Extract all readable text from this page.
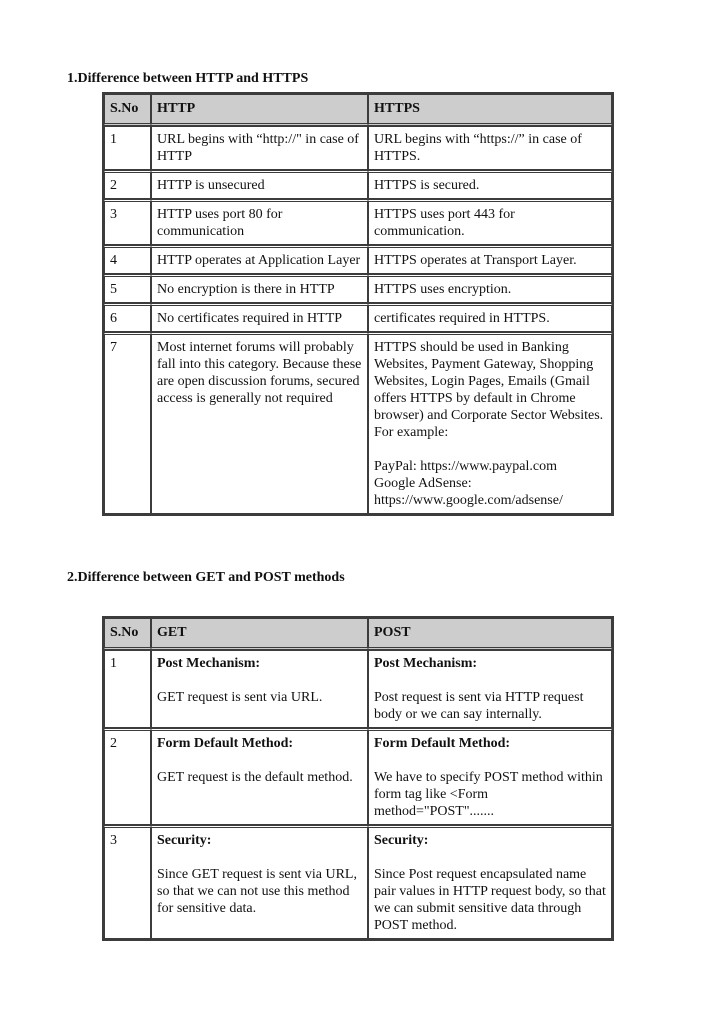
1.Difference between HTTP and HTTPS

S.No	HTTP	HTTPS
1	URL begins with “http://" in case of HTTP	URL begins with “https://” in case of HTTPS.
2	HTTP is unsecured	HTTPS is secured.
3	HTTP uses port 80 for communication	HTTPS uses port 443 for communication.
4	HTTP operates at Application Layer	HTTPS operates at Transport Layer.
5	No encryption is there in HTTP	HTTPS uses encryption.
6	No certificates required in HTTP	certificates required in HTTPS.
7	Most internet forums will probably fall into this category. Because these are open discussion forums, secured access is generally not required	HTTPS should be used in Banking Websites, Payment Gateway, Shopping Websites, Login Pages, Emails (Gmail offers HTTPS by default in Chrome browser) and Corporate Sector Websites. For example:
PayPal: https://www.paypal.com
Google AdSense:
https://www.google.com/adsense/

2.Difference between GET and POST methods

S.No	GET	POST
1	Post Mechanism:
GET request is sent via URL.	Post Mechanism:
Post request is sent via HTTP request body or we can say internally.

2	Form Default Method:
GET request is the default method.	Form Default Method:
We have to specify POST method within form tag like <Form method="POST".......

3	Security:
Since GET request is sent via URL, so that we can not use this method for sensitive data.	Security:
Since Post request encapsulated name pair values in HTTP request body, so that we can submit sensitive data through POST method.
